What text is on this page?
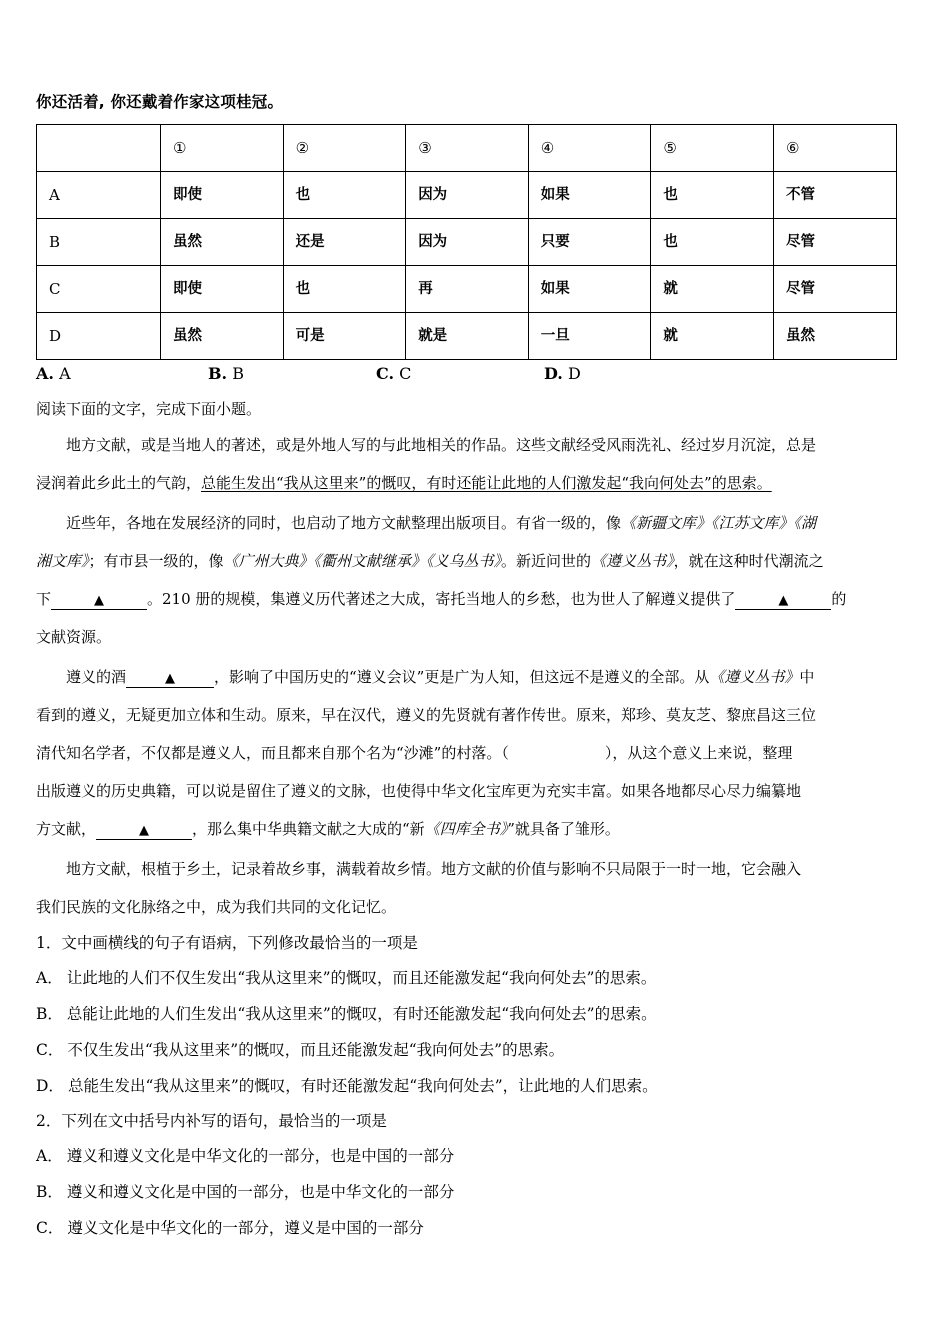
你还活着, 你还戴着作家这项桂冠。
	①	②	③	④	⑤	⑥
A	即使	也	因为	如果	也	不管
B	虽然	还是	因为	只要	也	尽管
C	即使	也	再	如果	就	尽管
D	虽然	可是	就是	一旦	就	虽然
A. A	B. B	C. C	D. D
阅读下面的文字，完成下面小题。
地方文献，或是当地人的著述，或是外地人写的与此地相关的作品。这些文献经受风雨洗礼、经过岁月沉淀，总是
浸润着此乡此土的气韵，总能生发出“我从这里来”的慨叹，有时还能让此地的人们激发起“我向何处去”的思索。
近些年，各地在发展经济的同时，也启动了地方文献整理出版项目。有省一级的，像《新疆文库》《江苏文库》《湖
湘文库》；有市县一级的，像《广州大典》《衢州文献继承》《义乌丛书》。新近问世的《遵义丛书》，就在这种时代潮流之
下	▲	。210 册的规模，集遵义历代著述之大成，寄托当地人的乡愁，也为世人了解遵义提供了	▲	的
文献资源。
遵义的酒	▲	，影响了中国历史的“遵义会议”更是广为人知，但这远不是遵义的全部。从《遵义丛书》中
看到的遵义，无疑更加立体和生动。原来，早在汉代，遵义的先贤就有著作传世。原来，郑珍、莫友芝、黎庶昌这三位
清代知名学者，不仅都是遵义人，而且都来自那个名为“沙滩”的村落。（	），从这个意义上来说，整理
出版遵义的历史典籍，可以说是留住了遵义的文脉，也使得中华文化宝库更为充实丰富。如果各地都尽心尽力编纂地
方文献，	▲	，那么集中华典籍文献之大成的“新《四库全书》”就具备了雏形。
地方文献，根植于乡土，记录着故乡事，满载着故乡情。地方文献的价值与影响不只局限于一时一地，它会融入
我们民族的文化脉络之中，成为我们共同的文化记忆。
1．文中画横线的句子有语病，下列修改最恰当的一项是
A． 让此地的人们不仅生发出“我从这里来”的慨叹，而且还能激发起“我向何处去”的思索。
B． 总能让此地的人们生发出“我从这里来”的慨叹，有时还能激发起“我向何处去”的思索。
C． 不仅生发出“我从这里来”的慨叹，而且还能激发起“我向何处去”的思索。
D． 总能生发出“我从这里来”的慨叹，有时还能激发起“我向何处去”，让此地的人们思索。
2．下列在文中括号内补写的语句，最恰当的一项是
A． 遵义和遵义文化是中华文化的一部分，也是中国的一部分
B． 遵义和遵义文化是中国的一部分，也是中华文化的一部分
C． 遵义文化是中华文化的一部分，遵义是中国的一部分
